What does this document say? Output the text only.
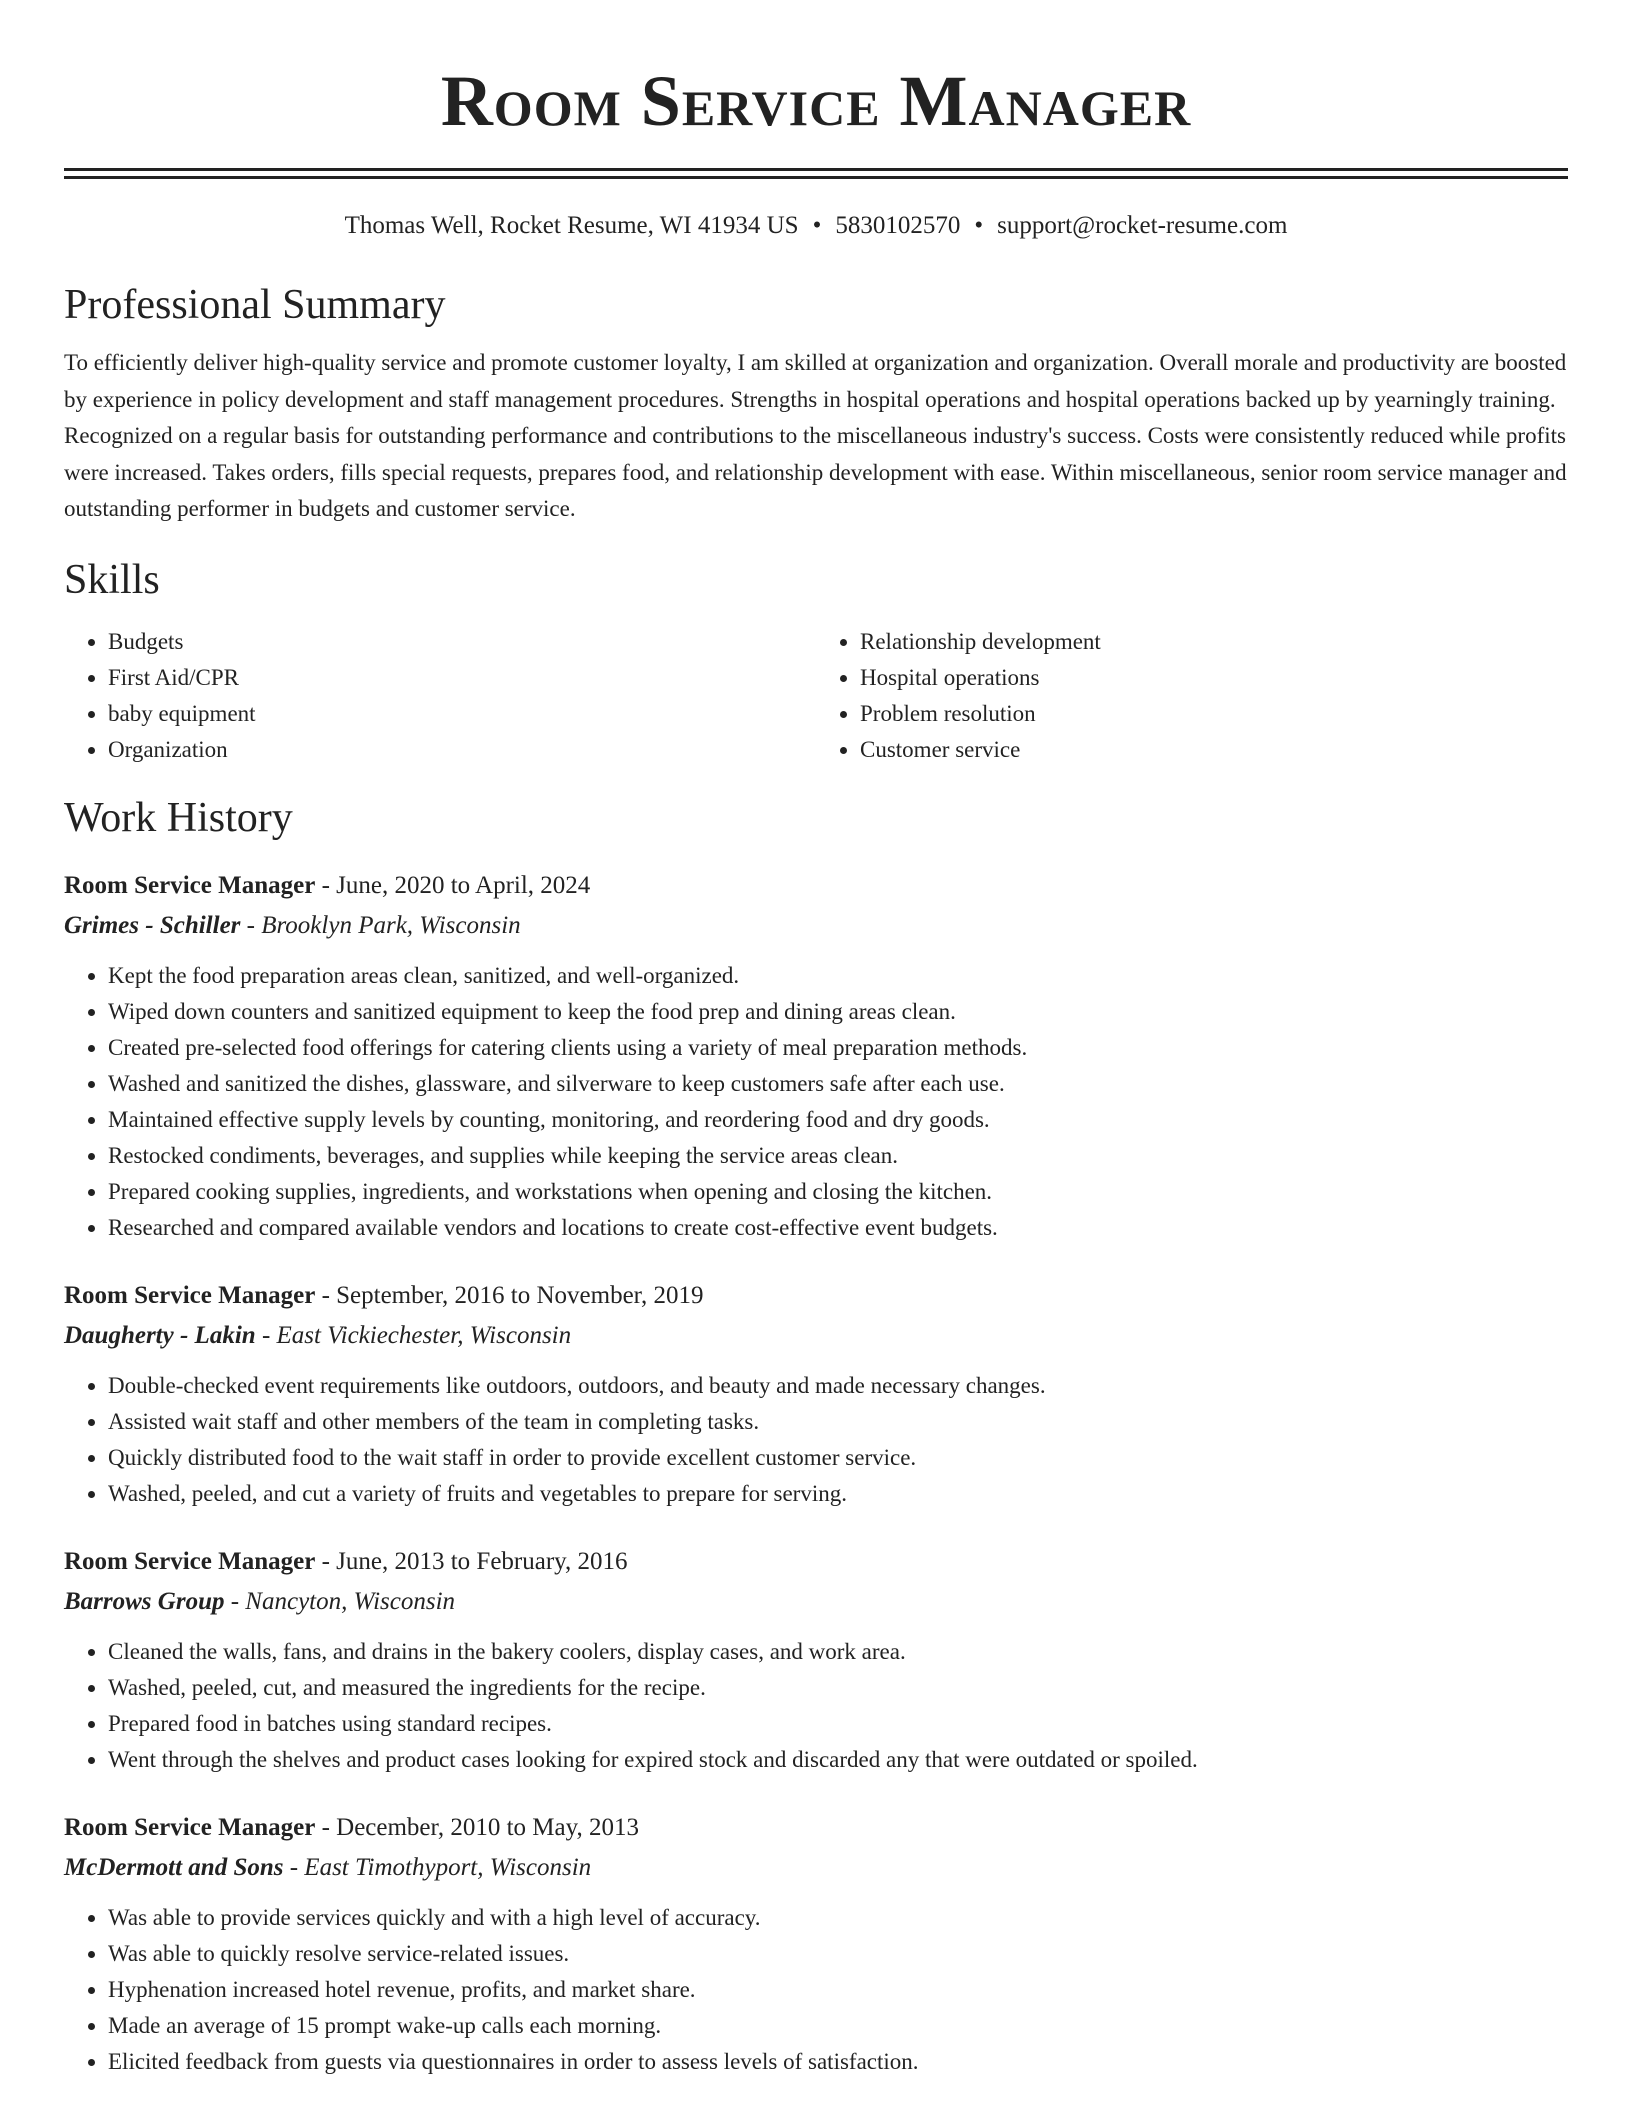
Room Service Manager
Thomas Well, Rocket Resume, WI 41934 US • 5830102570 • support@rocket-resume.com
Professional Summary

To efficiently deliver high-quality service and promote customer loyalty, I am skilled at organization and organization. Overall morale and productivity are boosted by experience in policy development and staff management procedures. Strengths in hospital operations and hospital operations backed up by yearningly training. Recognized on a regular basis for outstanding performance and contributions to the miscellaneous industry's success. Costs were consistently reduced while profits were increased. Takes orders, fills special requests, prepares food, and relationship development with ease. Within miscellaneous, senior room service manager and outstanding performer in budgets and customer service.

Skills
• Budgets
• First Aid/CPR
• baby equipment
• Organization
• Relationship development
• Hospital operations
• Problem resolution
• Customer service
Work History
Room Service Manager - June, 2020 to April, 2024
Grimes - Schiller - Brooklyn Park, Wisconsin
• Kept the food preparation areas clean, sanitized, and well-organized.
• Wiped down counters and sanitized equipment to keep the food prep and dining areas clean.
• Created pre-selected food offerings for catering clients using a variety of meal preparation methods.
• Washed and sanitized the dishes, glassware, and silverware to keep customers safe after each use.
• Maintained effective supply levels by counting, monitoring, and reordering food and dry goods.
• Restocked condiments, beverages, and supplies while keeping the service areas clean.
• Prepared cooking supplies, ingredients, and workstations when opening and closing the kitchen.
• Researched and compared available vendors and locations to create cost-effective event budgets.
Room Service Manager - September, 2016 to November, 2019
Daugherty - Lakin - East Vickiechester, Wisconsin
• Double-checked event requirements like outdoors, outdoors, and beauty and made necessary changes.
• Assisted wait staff and other members of the team in completing tasks.
• Quickly distributed food to the wait staff in order to provide excellent customer service.
• Washed, peeled, and cut a variety of fruits and vegetables to prepare for serving.
Room Service Manager - June, 2013 to February, 2016
Barrows Group - Nancyton, Wisconsin
• Cleaned the walls, fans, and drains in the bakery coolers, display cases, and work area.
• Washed, peeled, cut, and measured the ingredients for the recipe.
• Prepared food in batches using standard recipes.
• Went through the shelves and product cases looking for expired stock and discarded any that were outdated or spoiled.
Room Service Manager - December, 2010 to May, 2013
McDermott and Sons - East Timothyport, Wisconsin
• Was able to provide services quickly and with a high level of accuracy.
• Was able to quickly resolve service-related issues.
• Hyphenation increased hotel revenue, profits, and market share.
• Made an average of 15 prompt wake-up calls each morning.
• Elicited feedback from guests via questionnaires in order to assess levels of satisfaction.
